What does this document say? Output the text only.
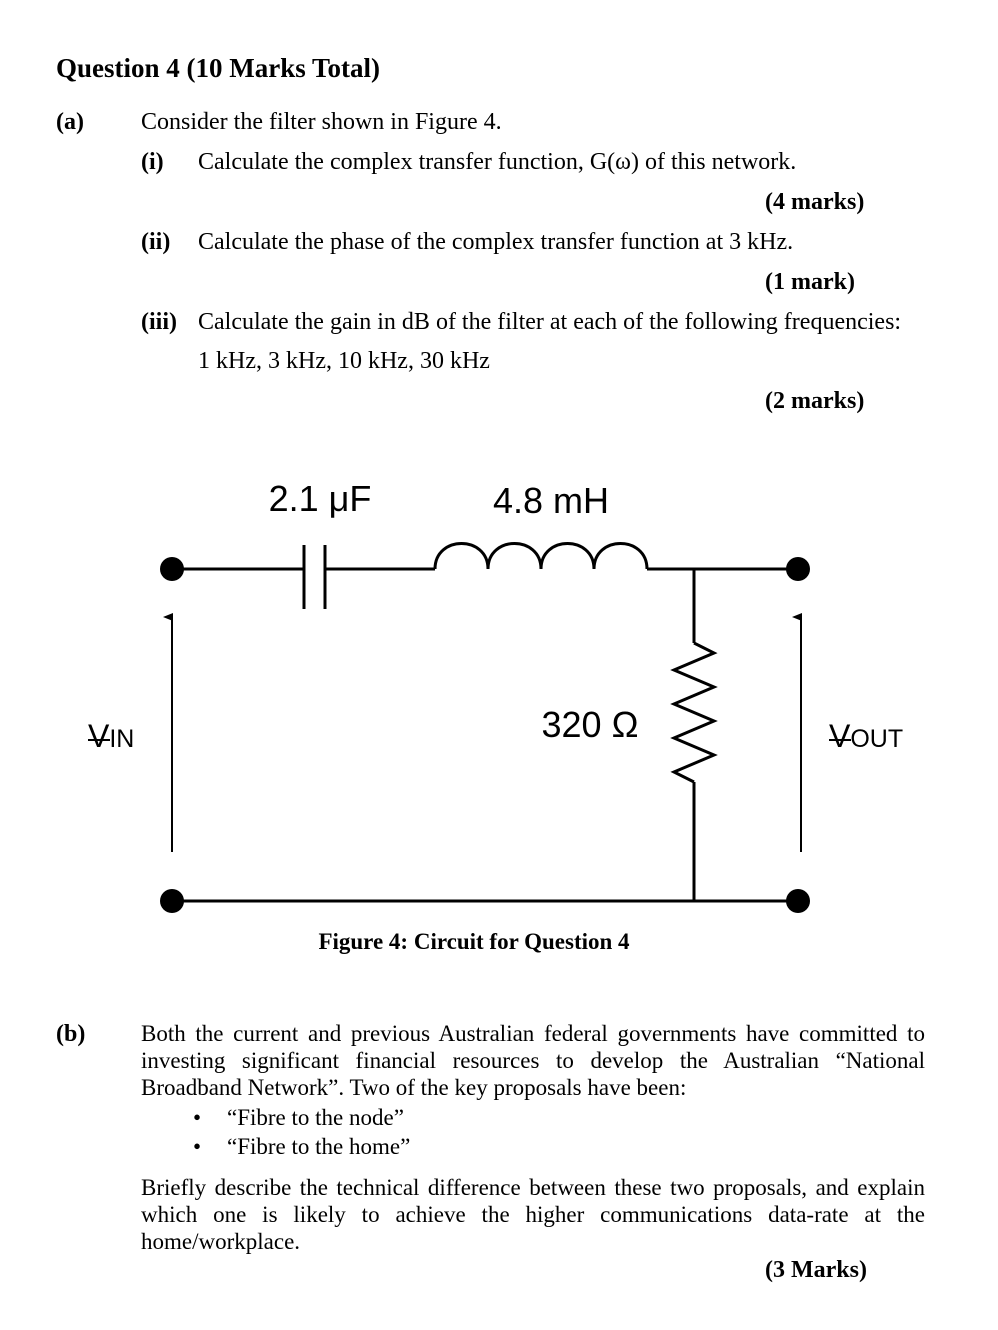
Question 4 (10 Marks Total)
(a) Consider the filter shown in Figure 4.
(i) Calculate the complex transfer function, G(ω) of this network.
(4 marks)
(ii) Calculate the phase of the complex transfer function at 3 kHz.
(1 mark)
(iii) Calculate the gain in dB of the filter at each of the following frequencies:
1 kHz, 3 kHz, 10 kHz, 30 kHz
(2 marks)
2.1 μF	4.8 mH
320 Ω
VIN	VOUT
Figure 4: Circuit for Question 4
(b) Both the current and previous Australian federal governments have committed to investing significant financial resources to develop the Australian “National Broadband Network”. Two of the key proposals have been:
• “Fibre to the node”
• “Fibre to the home”
Briefly describe the technical difference between these two proposals, and explain which one is likely to achieve the higher communications data-rate at the home/workplace.
(3 Marks)
